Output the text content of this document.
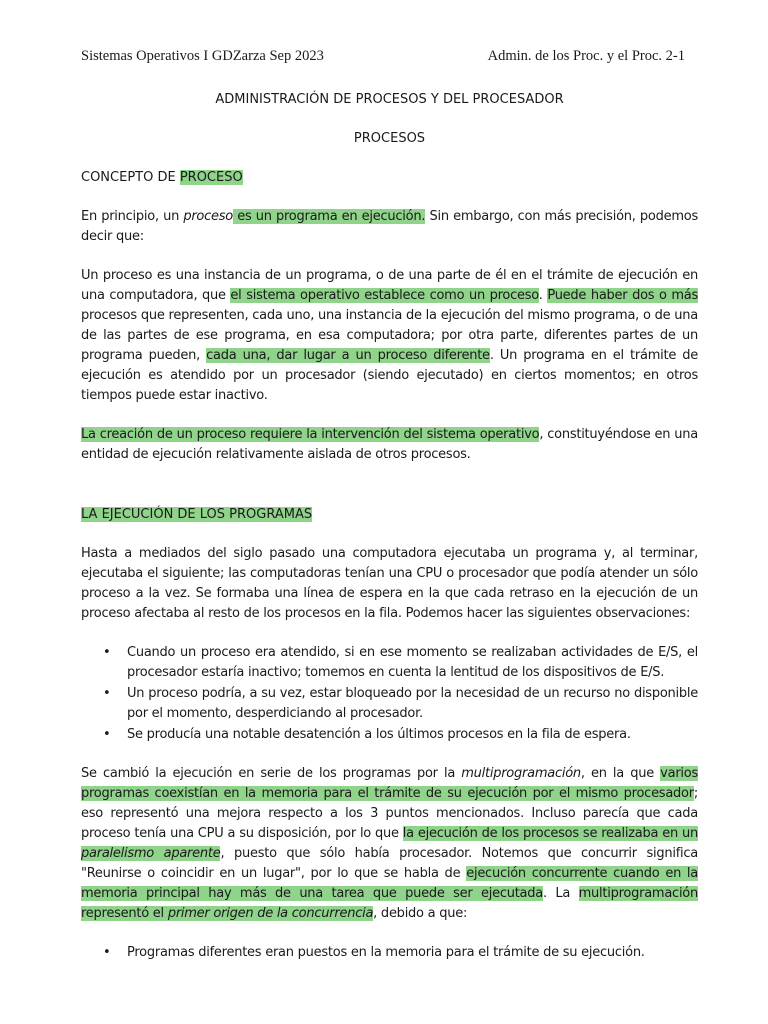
Sistemas Operativos I GDZarza Sep 2023	Admin. de los Proc. y el Proc. 2-1
ADMINISTRACIÓN DE PROCESOS Y DEL PROCESADOR
PROCESOS
CONCEPTO DE PROCESO

En principio, un proceso es un programa en ejecución. Sin embargo, con más precisión, podemos decir que:

Un proceso es una instancia de un programa, o de una parte de él en el trámite de ejecución en una computadora, que el sistema operativo establece como un proceso. Puede haber dos o más procesos que representen, cada uno, una instancia de la ejecución del mismo programa, o de una de las partes de ese programa, en esa computadora; por otra parte, diferentes partes de un programa pueden, cada una, dar lugar a un proceso diferente. Un programa en el trámite de ejecución es atendido por un procesador (siendo ejecutado) en ciertos momentos; en otros tiempos puede estar inactivo.

La creación de un proceso requiere la intervención del sistema operativo, constituyéndose en una entidad de ejecución relativamente aislada de otros procesos.

LA EJECUCIÓN DE LOS PROGRAMAS

Hasta a mediados del siglo pasado una computadora ejecutaba un programa y, al terminar, ejecutaba el siguiente; las computadoras tenían una CPU o procesador que podía atender un sólo proceso a la vez. Se formaba una línea de espera en la que cada retraso en la ejecución de un proceso afectaba al resto de los procesos en la fila. Podemos hacer las siguientes observaciones:

• Cuando un proceso era atendido, si en ese momento se realizaban actividades de E/S, el procesador estaría inactivo; tomemos en cuenta la lentitud de los dispositivos de E/S.
• Un proceso podría, a su vez, estar bloqueado por la necesidad de un recurso no disponible por el momento, desperdiciando al procesador.
• Se producía una notable desatención a los últimos procesos en la fila de espera.

Se cambió la ejecución en serie de los programas por la multiprogramación, en la que varios programas coexistían en la memoria para el trámite de su ejecución por el mismo procesador; eso representó una mejora respecto a los 3 puntos mencionados. Incluso parecía que cada proceso tenía una CPU a su disposición, por lo que la ejecución de los procesos se realizaba en un paralelismo aparente, puesto que sólo había procesador. Notemos que concurrir significa "Reunirse o coincidir en un lugar", por lo que se habla de ejecución concurrente cuando en la memoria principal hay más de una tarea que puede ser ejecutada. La multiprogramación representó el primer origen de la concurrencia, debido a que:

• Programas diferentes eran puestos en la memoria para el trámite de su ejecución.
